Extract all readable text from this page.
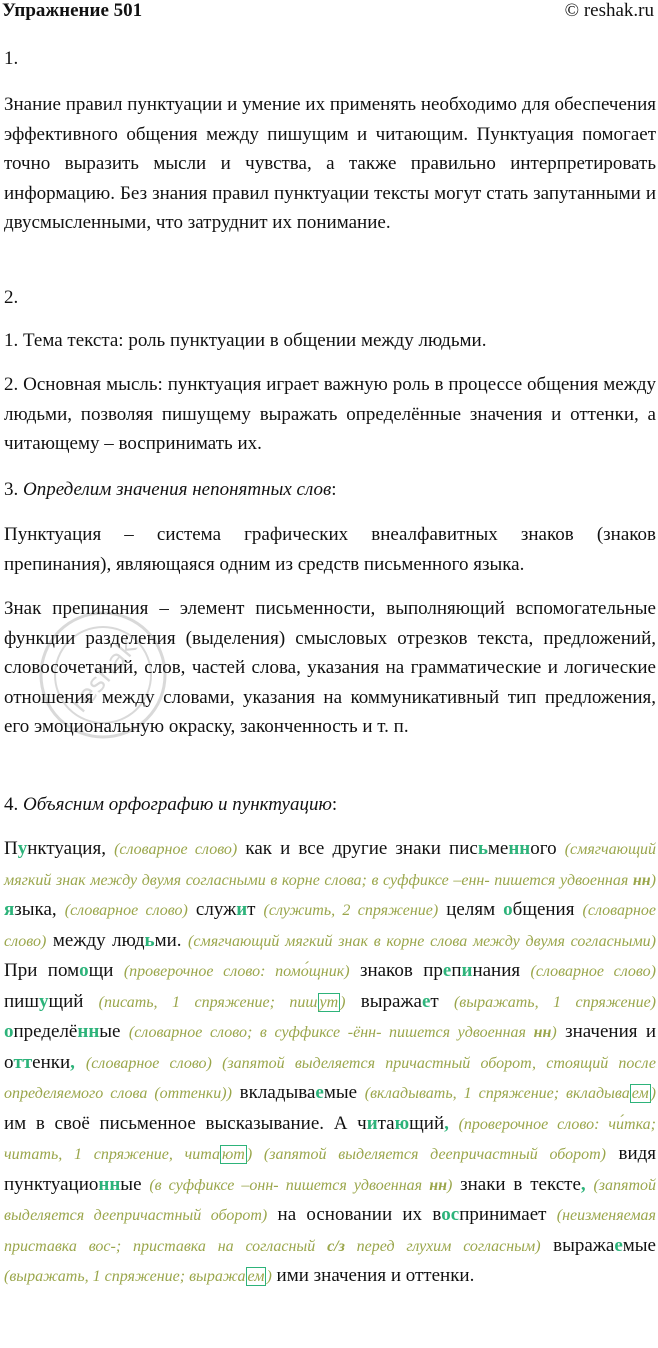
Упражнение 501	© reshak.ru

1.

Знание правил пунктуации и умение их применять необходимо для обеспечения эффективного общения между пишущим и читающим. Пунктуация помогает точно выразить мысли и чувства, а также правильно интерпретировать информацию. Без знания правил пунктуации тексты могут стать запутанными и двусмысленными, что затруднит их понимание.

2.

1. Тема текста: роль пунктуации в общении между людьми.

2. Основная мысль: пунктуация играет важную роль в процессе общения между людьми, позволяя пишущему выражать определённые значения и оттенки, а читающему – воспринимать их.

3. Определим значения непонятных слов:

Пунктуация – система графических внеалфавитных знаков (знаков препинания), являющаяся одним из средств письменного языка.

Знак препинания – элемент письменности, выполняющий вспомогательные функции разделения (выделения) смысловых отрезков текста, предложений, словосочетаний, слов, частей слова, указания на грамматические и логические отношения между словами, указания на коммуникативный тип предложения, его эмоциональную окраску, законченность и т. п.

reshak

4. Объясним орфографию и пунктуацию:

Пунктуация, (словарное слово) как и все другие знаки письменного (смягчающий мягкий знак между двумя согласными в корне слова; в суффиксе –енн- пишется удвоенная нн) языка, (словарное слово) служит (служить, 2 спряжение) целям общения (словарное слово) между людьми. (смягчающий мягкий знак в корне слова между двумя согласными) При помощи (проверочное слово: помо́щник) знаков препинания (словарное слово) пишущий (писать, 1 спряжение; пиш ут ) выражает (выражать, 1 спряжение) определённые (словарное слово; в суффиксе -ённ- пишется удвоенная нн) значения и оттенки, (словарное слово) (запятой выделяется причастный оборот, стоящий после определяемого слова (оттенки)) вкладываемые (вкладывать, 1 спряжение; вкладыва ем ) им в своё письменное высказывание. А читающий, (проверочное слово: чи́тка; читать, 1 спряжение, чита ют ) (запятой выделяется деепричастный оборот) видя пунктуационные (в суффиксе –онн- пишется удвоенная нн) знаки в тексте, (запятой выделяется деепричастный оборот) на основании их воспринимает (неизменяемая приставка вос-; приставка на согласный с/з перед глухим согласным) выражаемые (выражать, 1 спряжение; выража ем ) ими значения и оттенки.
